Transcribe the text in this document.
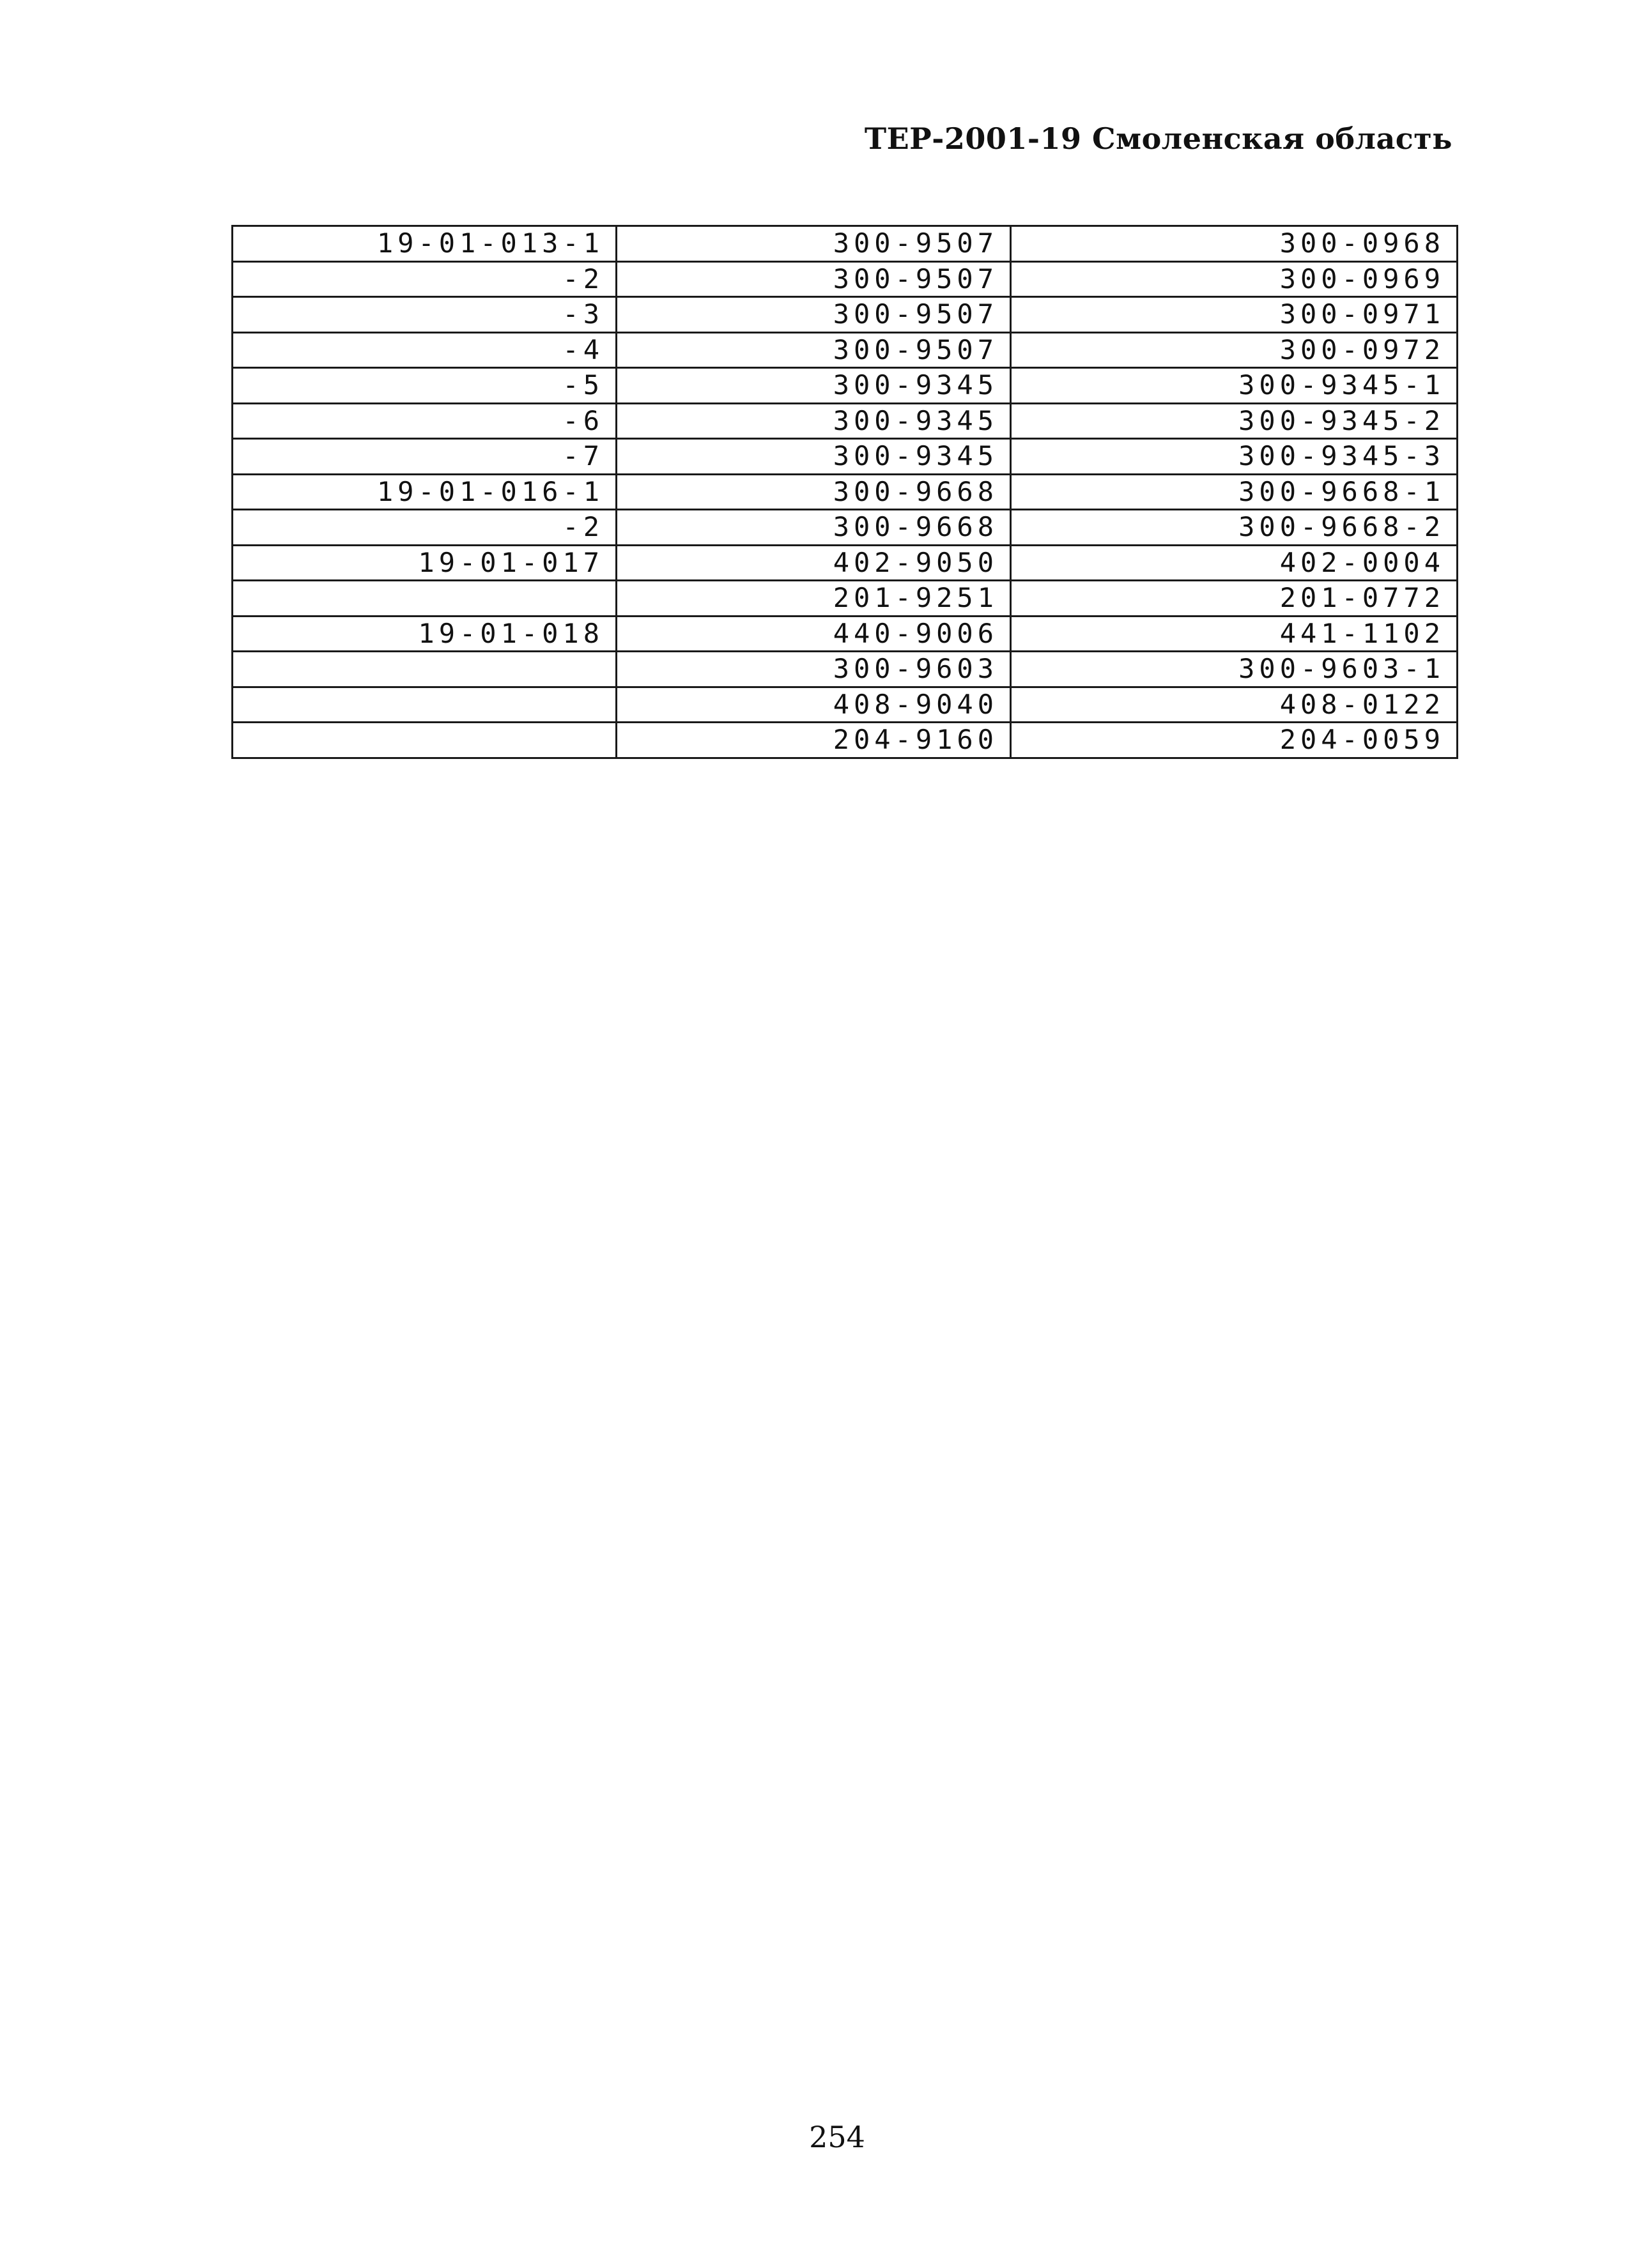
ТЕР-2001-19 Смоленская область
19-01-013-1	300-9507	300-0968
-2	300-9507	300-0969
-3	300-9507	300-0971
-4	300-9507	300-0972
-5	300-9345	300-9345-1
-6	300-9345	300-9345-2
-7	300-9345	300-9345-3
19-01-016-1	300-9668	300-9668-1
-2	300-9668	300-9668-2
19-01-017	402-9050	402-0004
	201-9251	201-0772
19-01-018	440-9006	441-1102
	300-9603	300-9603-1
	408-9040	408-0122
	204-9160	204-0059
254
